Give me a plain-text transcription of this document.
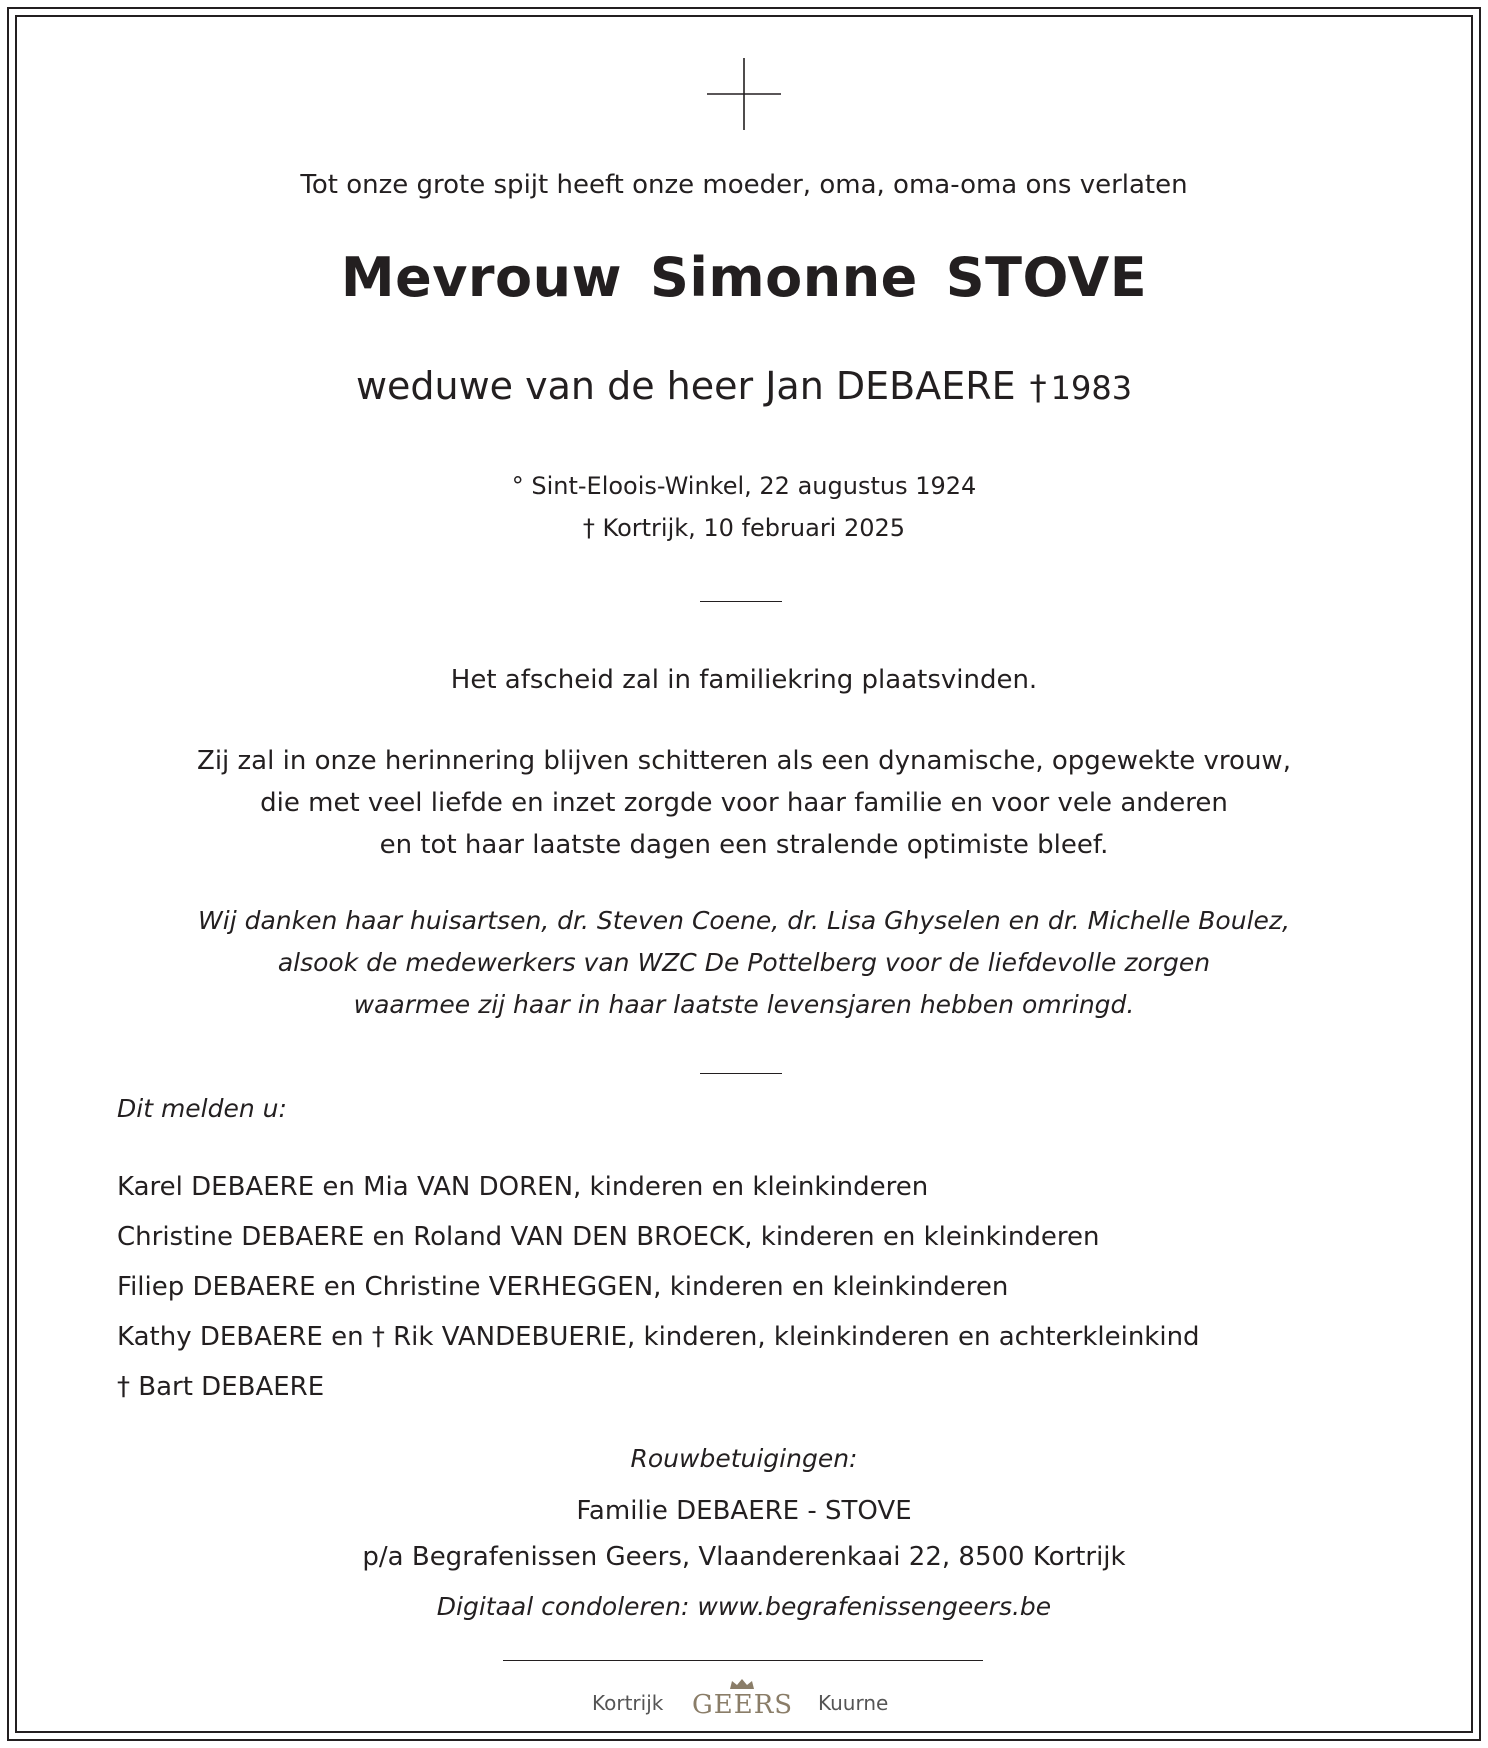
Tot onze grote spijt heeft onze moeder, oma, oma-oma ons verlaten
Mevrouw Simonne STOVE
weduwe van de heer Jan DEBAERE † 1983
° Sint-Eloois-Winkel, 22 augustus 1924
† Kortrijk, 10 februari 2025
Het afscheid zal in familiekring plaatsvinden.
Zij zal in onze herinnering blijven schitteren als een dynamische, opgewekte vrouw,
die met veel liefde en inzet zorgde voor haar familie en voor vele anderen
en tot haar laatste dagen een stralende optimiste bleef.
Wij danken haar huisartsen, dr. Steven Coene, dr. Lisa Ghyselen en dr. Michelle Boulez,
alsook de medewerkers van WZC De Pottelberg voor de liefdevolle zorgen
waarmee zij haar in haar laatste levensjaren hebben omringd.
Dit melden u:
Karel DEBAERE en Mia VAN DOREN, kinderen en kleinkinderen
Christine DEBAERE en Roland VAN DEN BROECK, kinderen en kleinkinderen
Filiep DEBAERE en Christine VERHEGGEN, kinderen en kleinkinderen
Kathy DEBAERE en † Rik VANDEBUERIE, kinderen, kleinkinderen en achterkleinkind
† Bart DEBAERE
Rouwbetuigingen:
Familie DEBAERE - STOVE
p/a Begrafenissen Geers, Vlaanderenkaai 22, 8500 Kortrijk
Digitaal condoleren: www.begrafenissengeers.be
Kortrijk GEERS Kuurne
